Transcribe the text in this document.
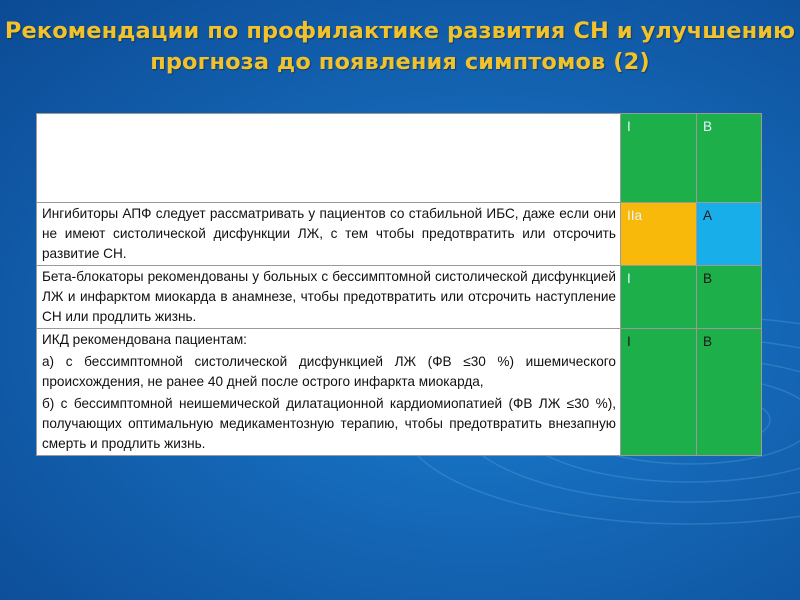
Рекомендации по профилактике развития СН и улучшению прогноза до появления симптомов (2)

	I	B

Ингибиторы АПФ следует рассматривать у пациентов со стабильной ИБС, даже если они не имеют систолической дисфункции ЛЖ, с тем чтобы предотвратить или отсрочить развитие СН.	IIa	A

Бета-блокаторы рекомендованы у больных с бессимптомной систолической дисфункцией ЛЖ и инфарктом миокарда в анамнезе, чтобы предотвратить или отсрочить наступление СН или продлить жизнь.	I	B

ИКД рекомендована пациентам:
а) с бессимптомной систолической дисфункцией ЛЖ (ФВ ≤30 %) ишемического происхождения, не ранее 40 дней после острого инфаркта миокарда,
б) с бессимптомной неишемической дилатационной кардиомиопатией (ФВ ЛЖ ≤30 %), получающих оптимальную медикаментозную терапию, чтобы предотвратить внезапную смерть и продлить жизнь.	I	B
